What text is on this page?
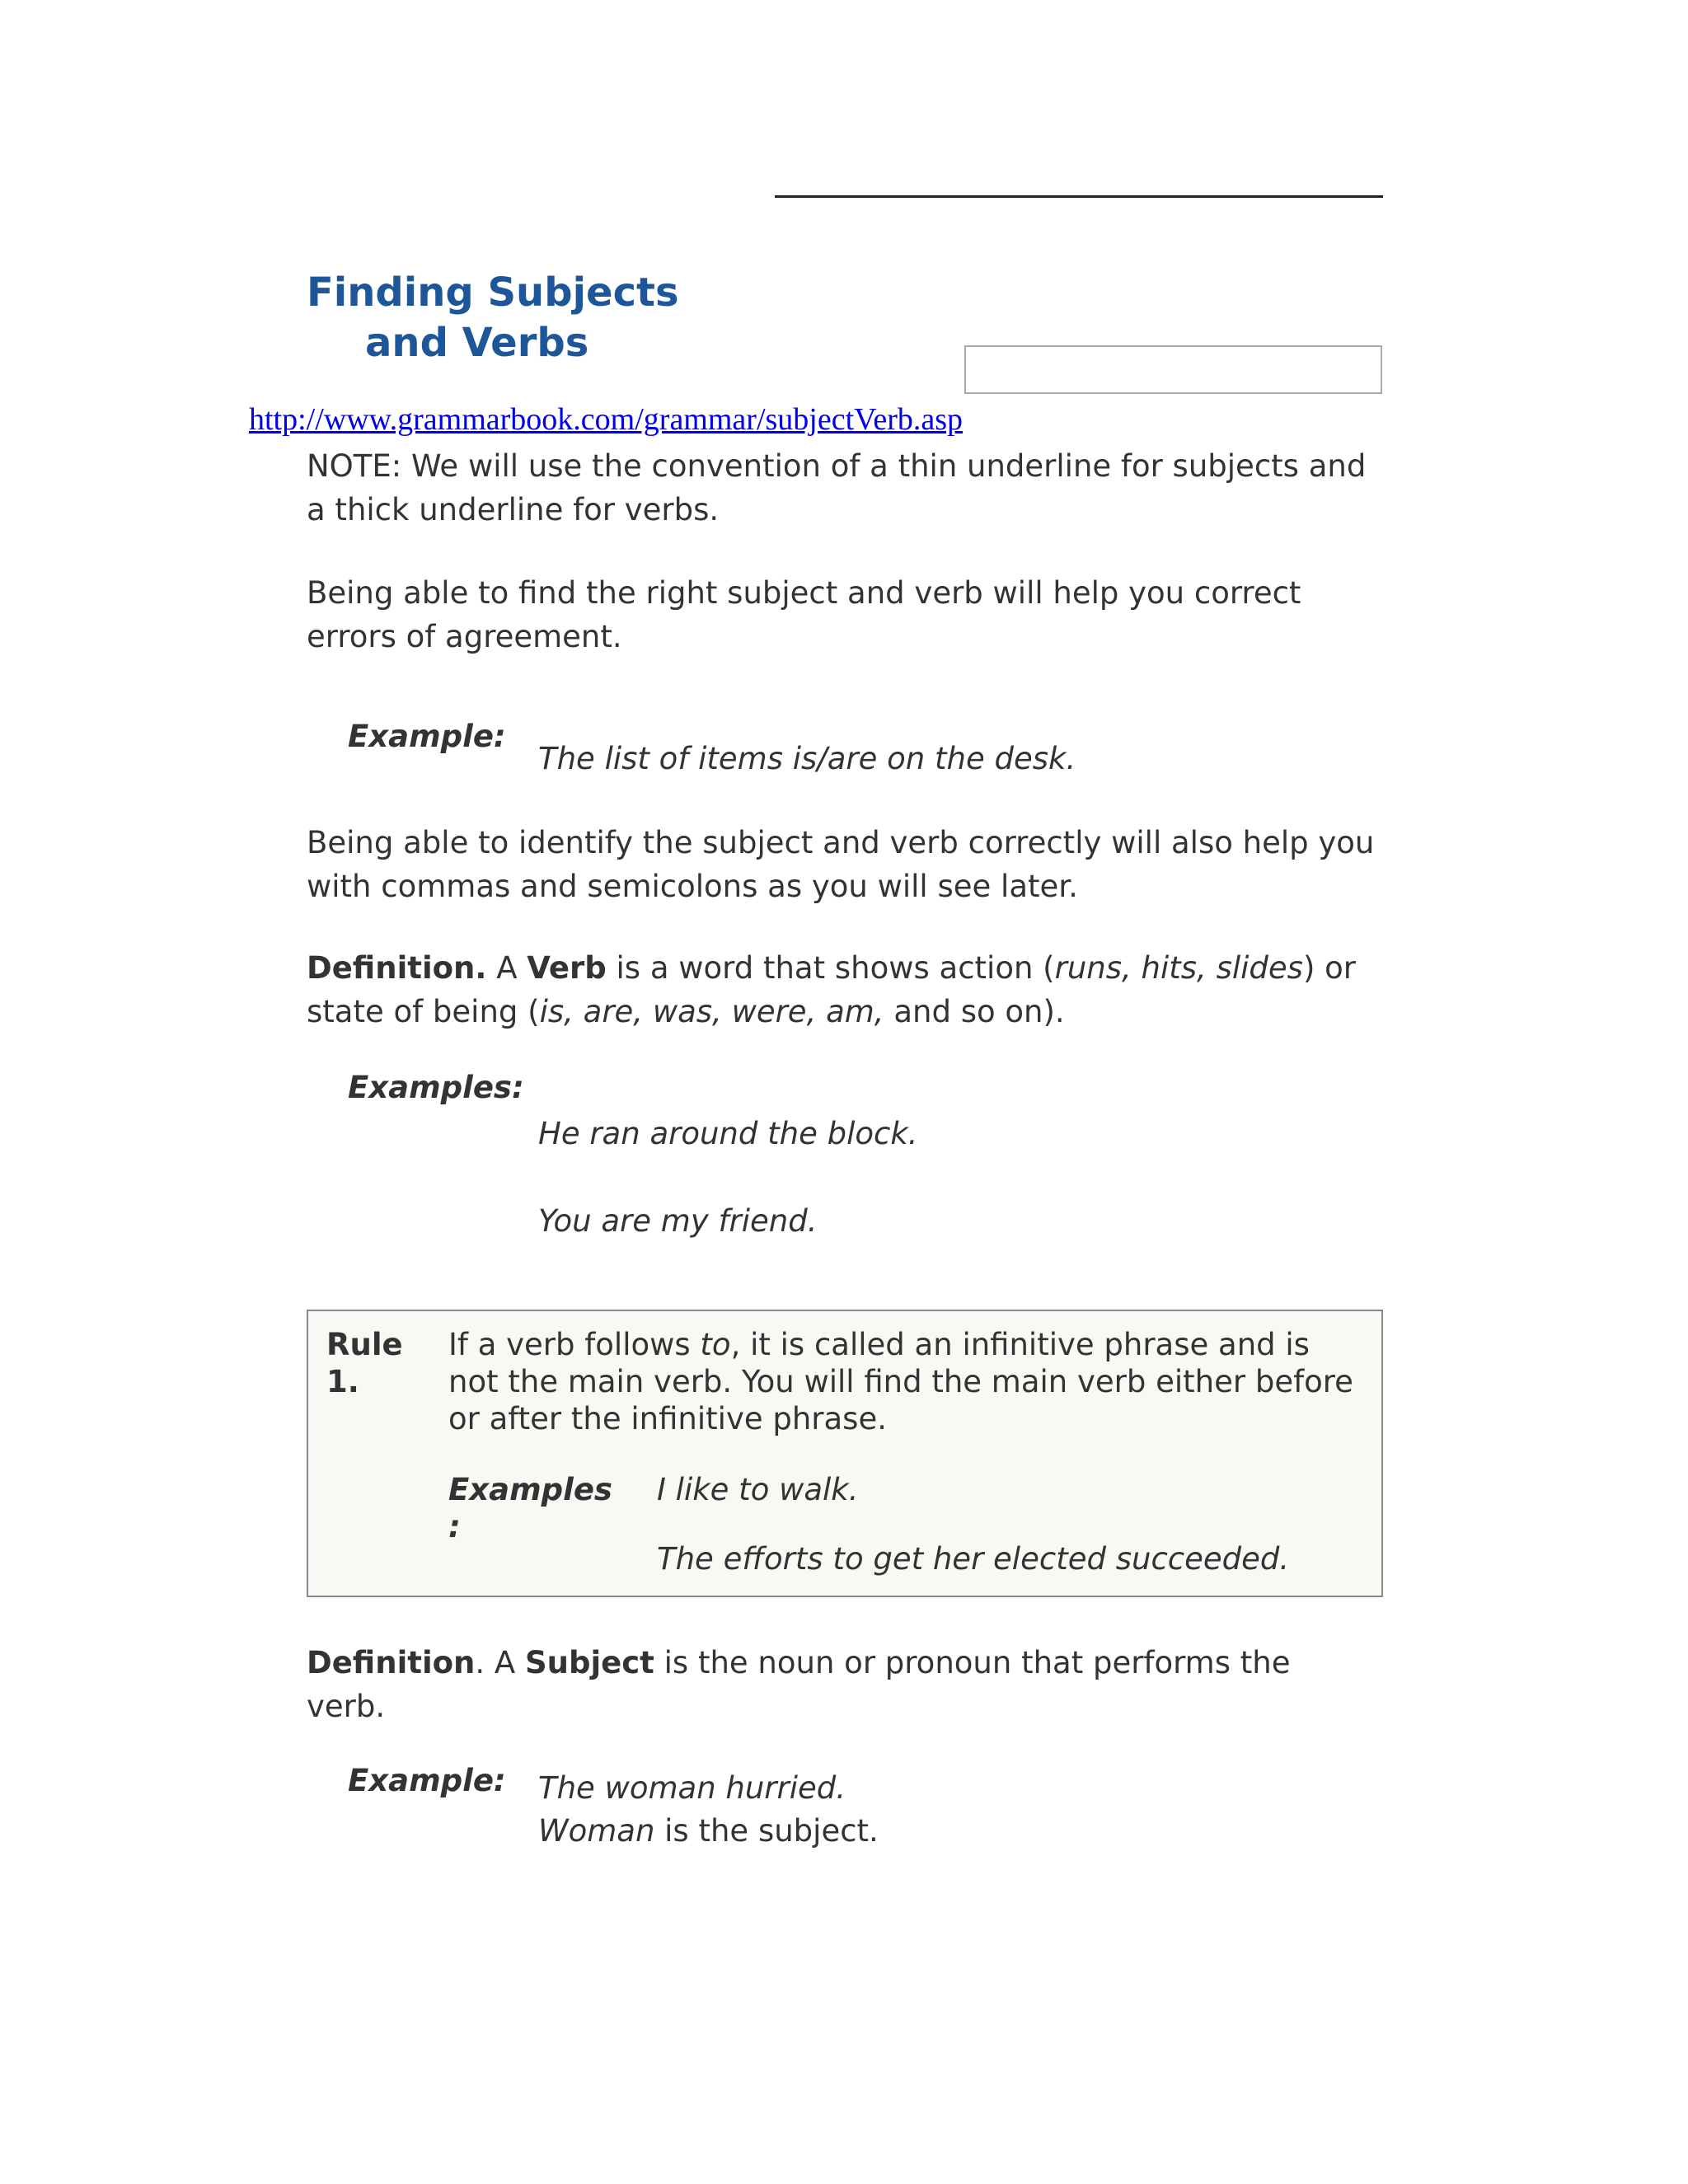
Finding Subjects
and Verbs
http://www.grammarbook.com/grammar/subjectVerb.asp
NOTE: We will use the convention of a thin underline for subjects and
a thick underline for verbs.
Being able to find the right subject and verb will help you correct
errors of agreement.
Example:
The list of items is/are on the desk.
Being able to identify the subject and verb correctly will also help you
with commas and semicolons as you will see later.
Definition. A Verb is a word that shows action (runs, hits, slides) or
state of being (is, are, was, were, am, and so on).
Examples:
He ran around the block.
You are my friend.
Rule
1.
If a verb follows to, it is called an infinitive phrase and is
not the main verb. You will find the main verb either before
or after the infinitive phrase.
Examples
:
I like to walk.
The efforts to get her elected succeeded.
Definition. A Subject is the noun or pronoun that performs the
verb.
Example: The woman hurried.
Woman is the subject.
